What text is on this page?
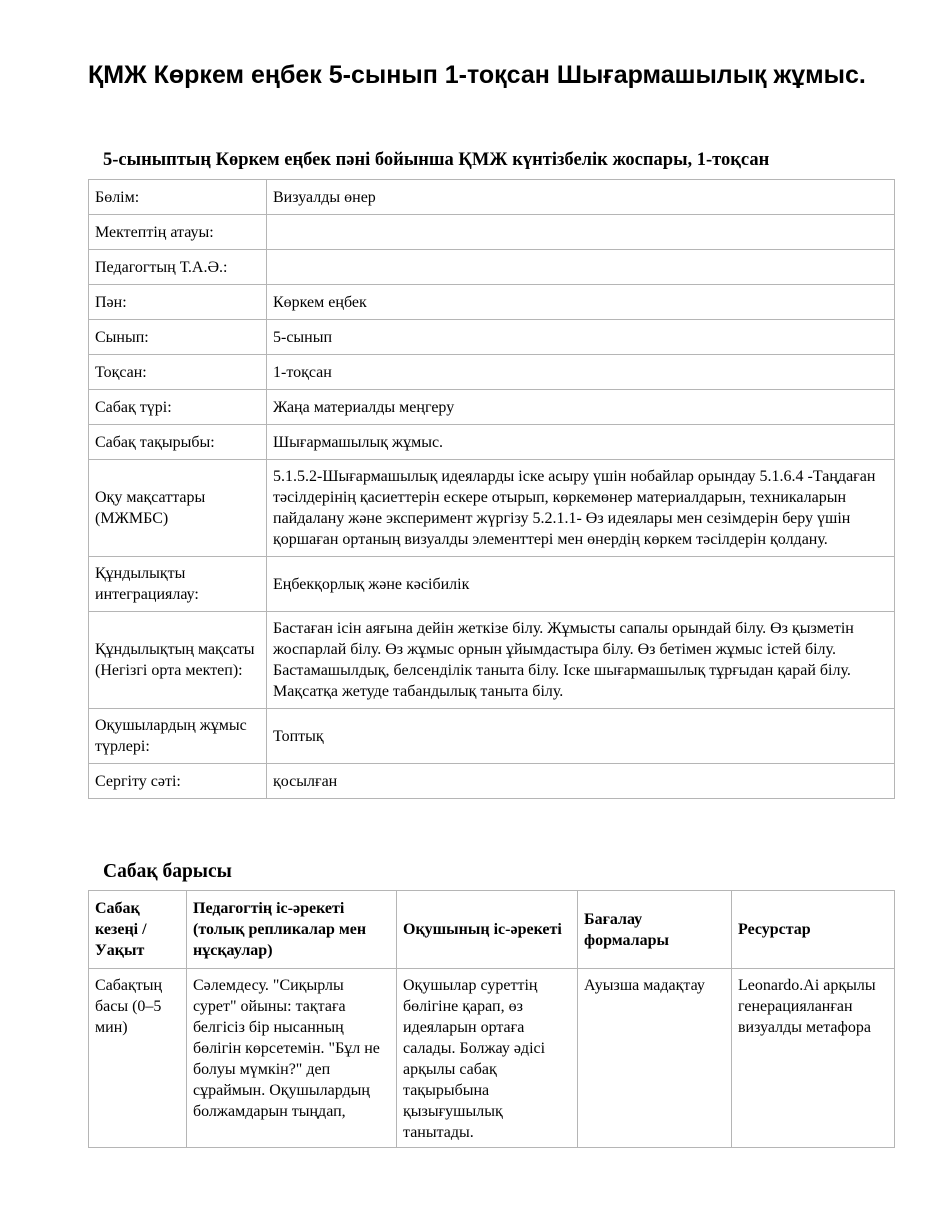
ҚМЖ Көркем еңбек 5-сынып 1-тоқсан Шығармашылық жұмыс.
5-сыныптың Көркем еңбек пәні бойынша ҚМЖ күнтізбелік жоспары, 1-тоқсан
Бөлім:	Визуалды өнер
Мектептің атауы:	
Педагогтың Т.А.Ә.:	
Пән:	Көркем еңбек
Сынып:	5-сынып
Тоқсан:	1-тоқсан
Сабақ түрі:	Жаңа материалды меңгеру
Сабақ тақырыбы:	Шығармашылық жұмыс.
Оқу мақсаттары (МЖМБС)	5.1.5.2-Шығармашылық идеяларды іске асыру үшін нобайлар орындау 5.1.6.4 -Таңдаған тәсілдерінің қасиеттерін ескере отырып, көркемөнер материалдарын, техникаларын пайдалану және эксперимент жүргізу 5.2.1.1- Өз идеялары мен сезімдерін беру үшін қоршаған ортаның визуалды элементтері мен өнердің көркем тәсілдерін қолдану.
Құндылықты интеграциялау:	Еңбекқорлық және кәсібилік
Құндылықтың мақсаты (Негізгі орта мектеп):	Бастаған ісін аяғына дейін жеткізе білу. Жұмысты сапалы орындай білу. Өз қызметін жоспарлай білу. Өз жұмыс орнын ұйымдастыра білу. Өз бетімен жұмыс істей білу. Бастамашылдық, белсенділік таныта білу. Іске шығармашылық тұрғыдан қарай білу. Мақсатқа жетуде табандылық таныта білу.
Оқушылардың жұмыс түрлері:	Топтық
Сергіту сәті:	қосылған
Сабақ барысы
Сабақ кезеңі / Уақыт	Педагогтің іс-әрекеті (толық репликалар мен нұсқаулар)	Оқушының іс-әрекеті	Бағалау формалары	Ресурстар
Сабақтың басы (0–5 мин)	Сәлемдесу. "Сиқырлы сурет" ойыны: тақтаға белгісіз бір нысанның бөлігін көрсетемін. "Бұл не болуы мүмкін?" деп сұраймын. Оқушылардың болжамдарын тыңдап,	Оқушылар суреттің бөлігіне қарап, өз идеяларын ортаға салады. Болжау әдісі арқылы сабақ тақырыбына қызығушылық танытады.	Ауызша мадақтау	Leonardo.Ai арқылы генерацияланған визуалды метафора
